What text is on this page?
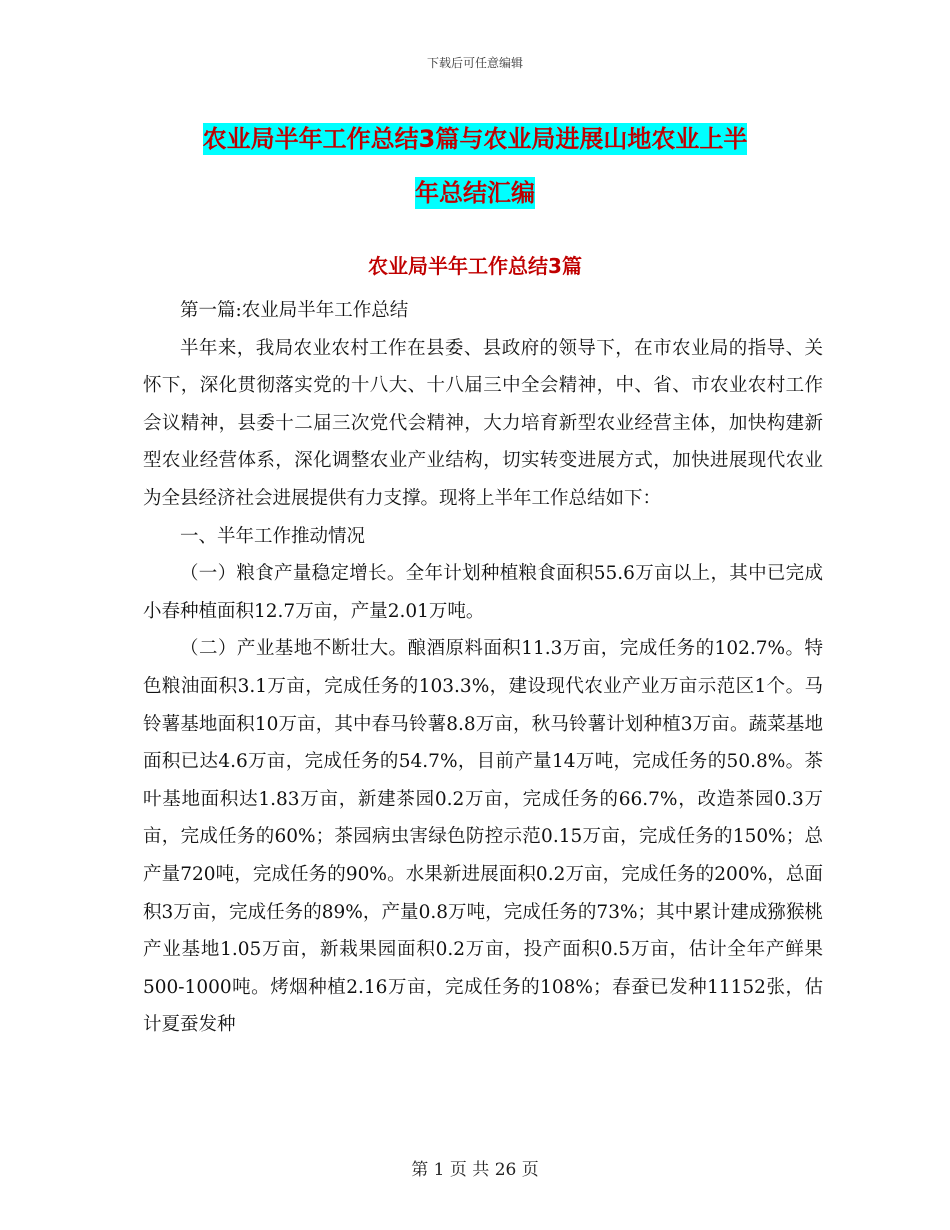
下载后可任意编辑
农业局半年工作总结3篇与农业局进展山地农业上半
年总结汇编
农业局半年工作总结3篇

第一篇:农业局半年工作总结

半年来，我局农业农村工作在县委、县政府的领导下，在市农业局的指导、关怀下，深化贯彻落实党的十八大、十八届三中全会精神，中、省、市农业农村工作会议精神，县委十二届三次党代会精神，大力培育新型农业经营主体，加快构建新型农业经营体系，深化调整农业产业结构，切实转变进展方式，加快进展现代农业为全县经济社会进展提供有力支撑。现将上半年工作总结如下：

一、半年工作推动情况

（一）粮食产量稳定增长。全年计划种植粮食面积55.6万亩以上，其中已完成小春种植面积12.7万亩，产量2.01万吨。

（二）产业基地不断壮大。酿酒原料面积11.3万亩，完成任务的102.7%。特色粮油面积3.1万亩，完成任务的103.3%，建设现代农业产业万亩示范区1个。马铃薯基地面积10万亩，其中春马铃薯8.8万亩，秋马铃薯计划种植3万亩。蔬菜基地面积已达4.6万亩，完成任务的54.7%，目前产量14万吨，完成任务的50.8%。茶叶基地面积达1.83万亩，新建茶园0.2万亩，完成任务的66.7%，改造茶园0.3万亩，完成任务的60%；茶园病虫害绿色防控示范0.15万亩，完成任务的150%；总产量720吨，完成任务的90%。水果新进展面积0.2万亩，完成任务的200%，总面积3万亩，完成任务的89%，产量0.8万吨，完成任务的73%；其中累计建成猕猴桃产业基地1.05万亩，新栽果园面积0.2万亩，投产面积0.5万亩，估计全年产鲜果500-1000吨。烤烟种植2.16万亩，完成任务的108%；春蚕已发种11152张，估计夏蚕发种

第 1 页 共 26 页
